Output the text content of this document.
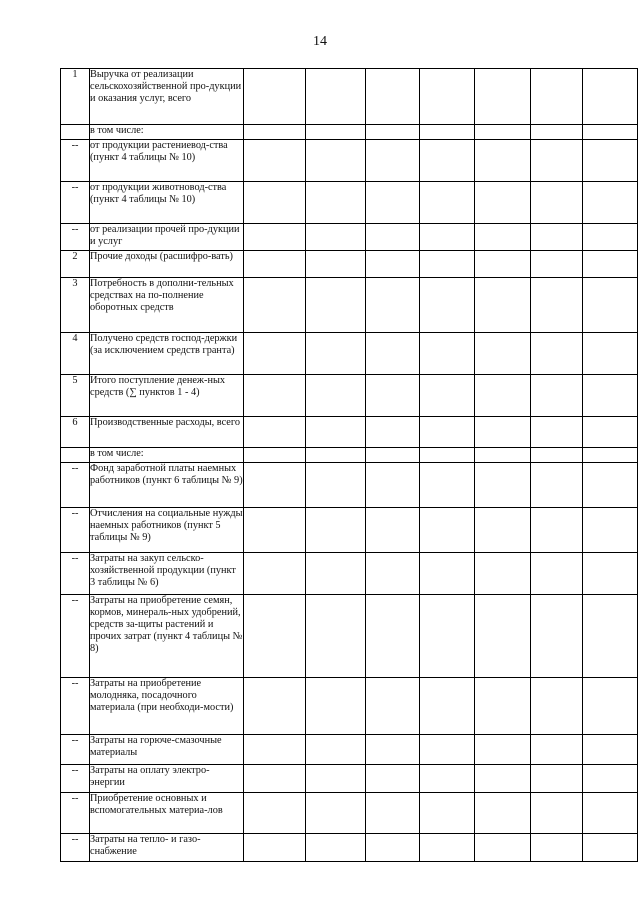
14
1	Выручка от реализации сельскохозяйственной про-дукции и оказания услуг, всего							

	в том числе:							

--	от продукции растениевод-ства (пункт 4 таблицы № 10)							

--	от продукции животновод-ства (пункт 4 таблицы № 10)							

--	от реализации прочей про-дукции и услуг							

2	Прочие доходы (расшифро-вать)							

3	Потребность в дополни-тельных средствах на по-полнение оборотных средств							

4	Получено средств господ-держки (за исключением средств гранта)							

5	Итого поступление денеж-ных средств (∑ пунктов 1 - 4)							

6	Производственные расходы, всего							

	в том числе:							

--	Фонд заработной платы наемных работников (пункт 6 таблицы № 9)							

--	Отчисления на социальные нужды наемных работников (пункт 5 таблицы № 9)							

--	Затраты на закуп сельско-хозяйственной продукции (пункт 3 таблицы № 6)							

--	Затраты на приобретение семян, кормов, минераль-ных удобрений, средств за-щиты растений и прочих затрат (пункт 4 таблицы № 8)							

--	Затраты на приобретение молодняка, посадочного материала (при необходи-мости)							

--	Затраты на горюче-смазочные материалы							

--	Затраты на оплату электро-энергии							

--	Приобретение основных и вспомогательных материа-лов							

--	Затраты на тепло- и газо-снабжение							
